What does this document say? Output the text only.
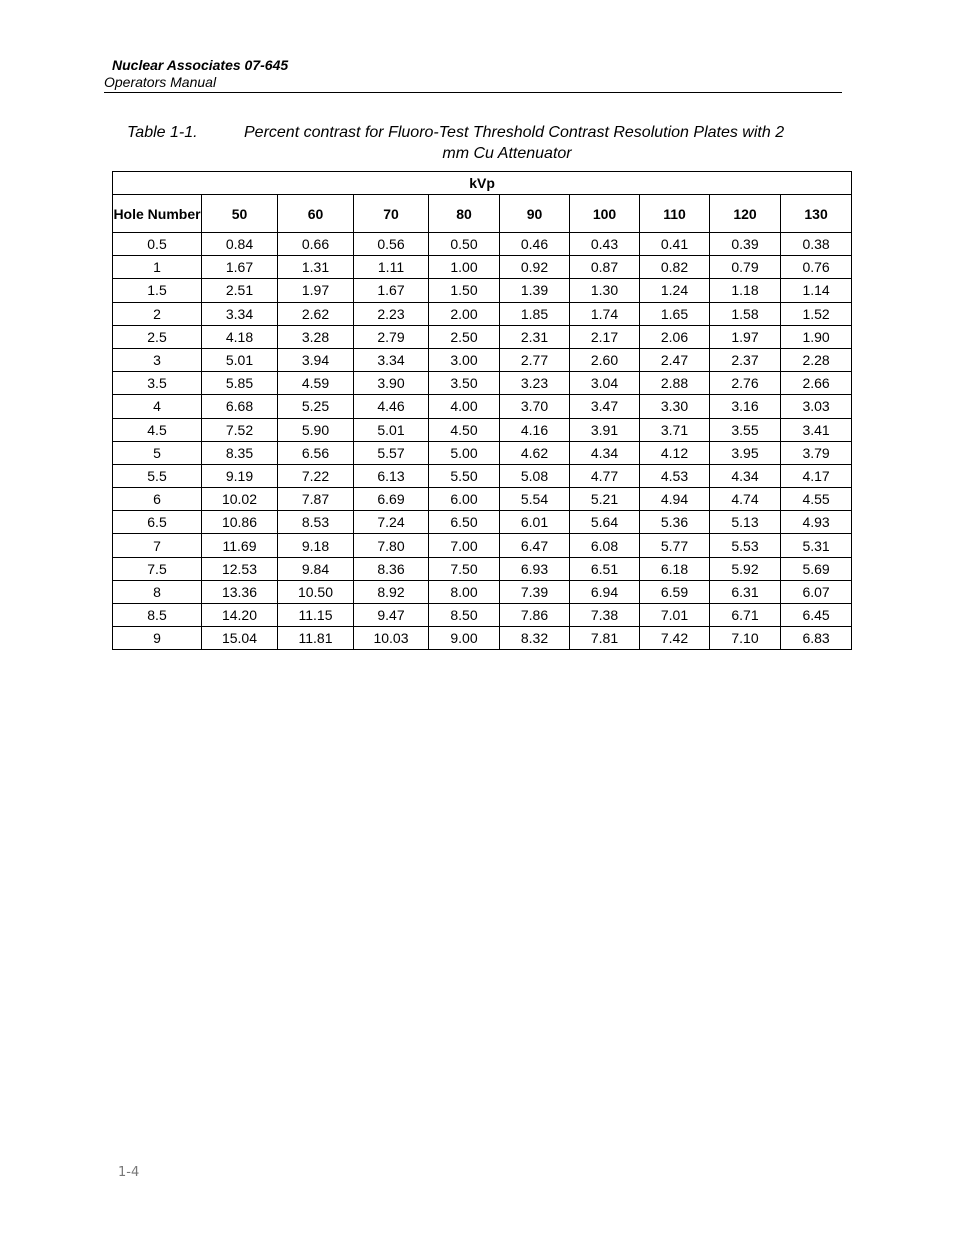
Nuclear Associates 07-645
Operators Manual
Table 1-1.	Percent contrast for Fluoro-Test Threshold Contrast Resolution Plates with 2
mm Cu Attenuator
kVp									
Hole Number	50	60	70	80	90	100	110	120	130
0.5	0.84	0.66	0.56	0.50	0.46	0.43	0.41	0.39	0.38
1	1.67	1.31	1.11	1.00	0.92	0.87	0.82	0.79	0.76
1.5	2.51	1.97	1.67	1.50	1.39	1.30	1.24	1.18	1.14
2	3.34	2.62	2.23	2.00	1.85	1.74	1.65	1.58	1.52
2.5	4.18	3.28	2.79	2.50	2.31	2.17	2.06	1.97	1.90
3	5.01	3.94	3.34	3.00	2.77	2.60	2.47	2.37	2.28
3.5	5.85	4.59	3.90	3.50	3.23	3.04	2.88	2.76	2.66
4	6.68	5.25	4.46	4.00	3.70	3.47	3.30	3.16	3.03
4.5	7.52	5.90	5.01	4.50	4.16	3.91	3.71	3.55	3.41
5	8.35	6.56	5.57	5.00	4.62	4.34	4.12	3.95	3.79
5.5	9.19	7.22	6.13	5.50	5.08	4.77	4.53	4.34	4.17
6	10.02	7.87	6.69	6.00	5.54	5.21	4.94	4.74	4.55
6.5	10.86	8.53	7.24	6.50	6.01	5.64	5.36	5.13	4.93
7	11.69	9.18	7.80	7.00	6.47	6.08	5.77	5.53	5.31
7.5	12.53	9.84	8.36	7.50	6.93	6.51	6.18	5.92	5.69
8	13.36	10.50	8.92	8.00	7.39	6.94	6.59	6.31	6.07
8.5	14.20	11.15	9.47	8.50	7.86	7.38	7.01	6.71	6.45
9	15.04	11.81	10.03	9.00	8.32	7.81	7.42	7.10	6.83
1-4
